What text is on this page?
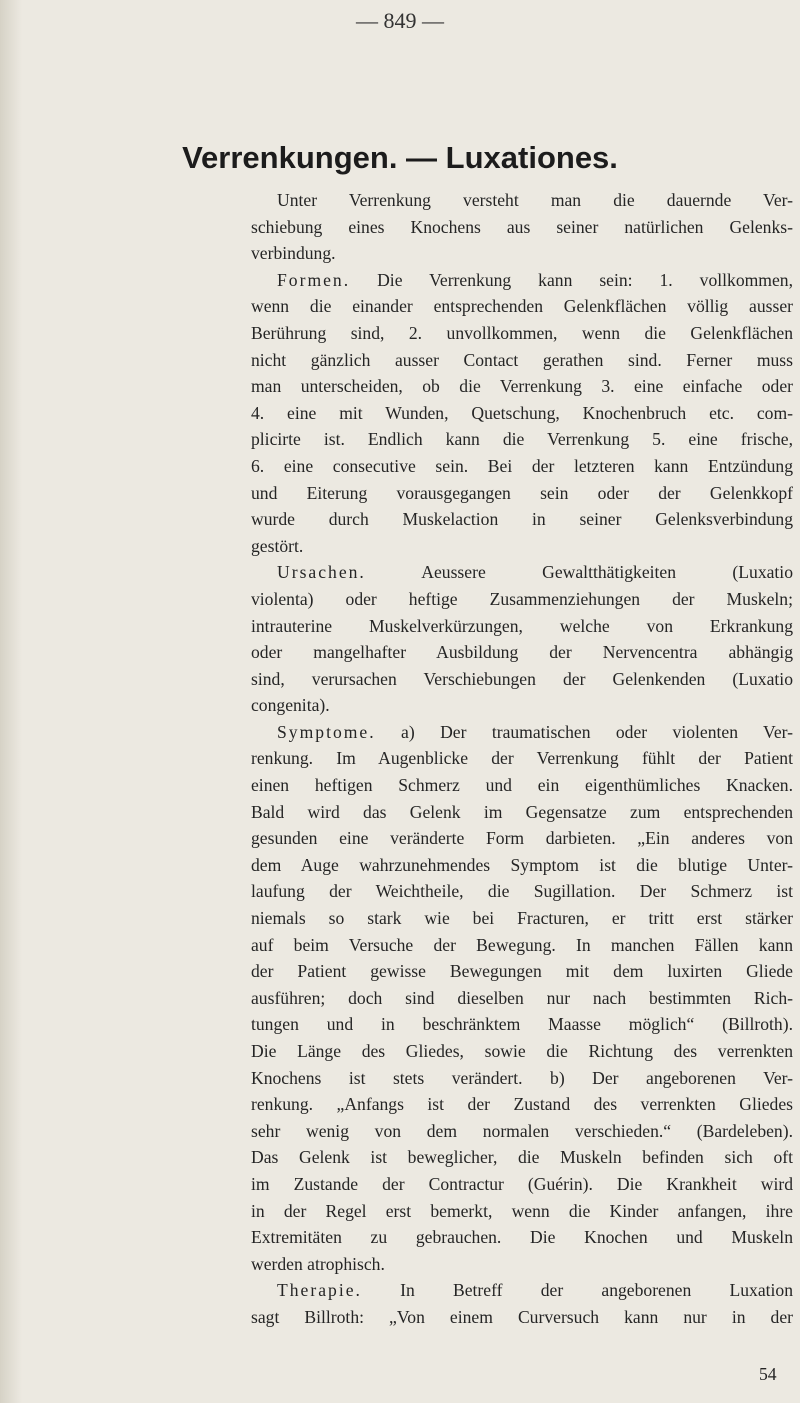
— 849 —
Verrenkungen. — Luxationes.
Unter Verrenkung versteht man die dauernde Ver-
schiebung eines Knochens aus seiner natürlichen Gelenks-
verbindung.
Formen. Die Verrenkung kann sein: 1. vollkommen,
wenn die einander entsprechenden Gelenkflächen völlig ausser
Berührung sind, 2. unvollkommen, wenn die Gelenkflächen
nicht gänzlich ausser Contact gerathen sind. Ferner muss
man unterscheiden, ob die Verrenkung 3. eine einfache oder
4. eine mit Wunden, Quetschung, Knochenbruch etc. com-
plicirte ist. Endlich kann die Verrenkung 5. eine frische,
6. eine consecutive sein. Bei der letzteren kann Entzündung
und Eiterung vorausgegangen sein oder der Gelenkkopf
wurde durch Muskelaction in seiner Gelenksverbindung
gestört.
Ursachen. Aeussere Gewaltthätigkeiten (Luxatio
violenta) oder heftige Zusammenziehungen der Muskeln;
intrauterine Muskelverkürzungen, welche von Erkrankung
oder mangelhafter Ausbildung der Nervencentra abhängig
sind, verursachen Verschiebungen der Gelenkenden (Luxatio
congenita).
Symptome. a) Der traumatischen oder violenten Ver-
renkung. Im Augenblicke der Verrenkung fühlt der Patient
einen heftigen Schmerz und ein eigenthümliches Knacken.
Bald wird das Gelenk im Gegensatze zum entsprechenden
gesunden eine veränderte Form darbieten. „Ein anderes von
dem Auge wahrzunehmendes Symptom ist die blutige Unter-
laufung der Weichtheile, die Sugillation. Der Schmerz ist
niemals so stark wie bei Fracturen, er tritt erst stärker
auf beim Versuche der Bewegung. In manchen Fällen kann
der Patient gewisse Bewegungen mit dem luxirten Gliede
ausführen; doch sind dieselben nur nach bestimmten Rich-
tungen und in beschränktem Maasse möglich“ (Billroth).
Die Länge des Gliedes, sowie die Richtung des verrenkten
Knochens ist stets verändert. b) Der angeborenen Ver-
renkung. „Anfangs ist der Zustand des verrenkten Gliedes
sehr wenig von dem normalen verschieden.“ (Bardeleben).
Das Gelenk ist beweglicher, die Muskeln befinden sich oft
im Zustande der Contractur (Guérin). Die Krankheit wird
in der Regel erst bemerkt, wenn die Kinder anfangen, ihre
Extremitäten zu gebrauchen. Die Knochen und Muskeln
werden atrophisch.
Therapie. In Betreff der angeborenen Luxation
sagt Billroth: „Von einem Curversuch kann nur in der
54
